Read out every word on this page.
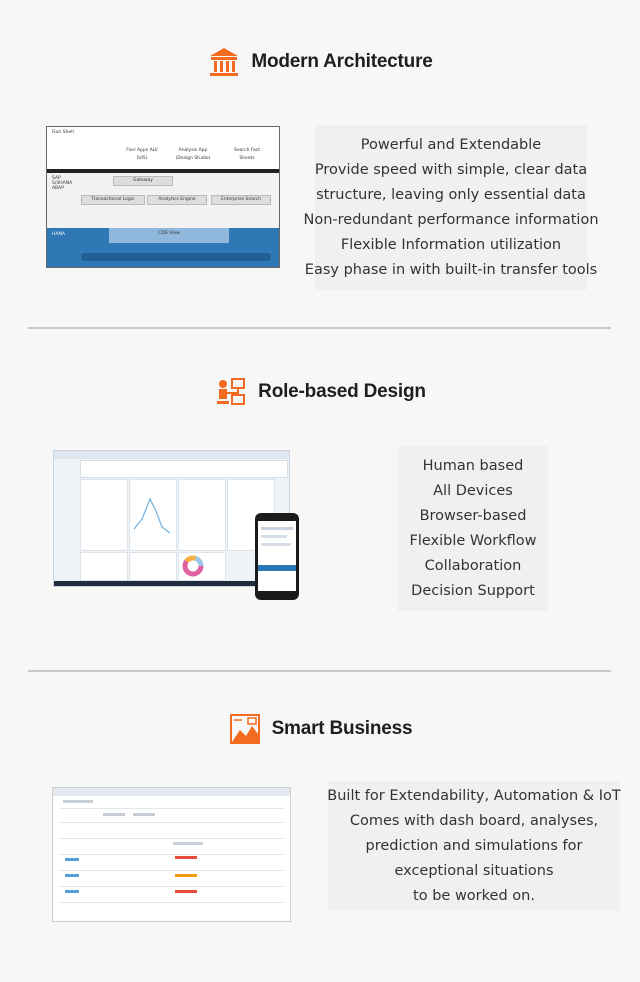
Modern Architecture
Fiori Shell
Fiori Apps ALV (UI5)
Analysis App (Design Studio)
Search Fact Sheets
SAP S/4HANA ABAP
Gateway
Transactional Logic	Analytics Engine	Enterprise Search
HANA	CDS View
Powerful and Extendable
Provide speed with simple, clear data
structure, leaving only essential data
Non-redundant performance information
Flexible Information utilization
Easy phase in with built-in transfer tools
Role-based Design
Human based
All Devices
Browser-based
Flexible Workflow
Collaboration
Decision Support
Smart Business
Built for Extendability, Automation & IoT
Comes with dash board, analyses,
prediction and simulations for
exceptional situations
to be worked on.
